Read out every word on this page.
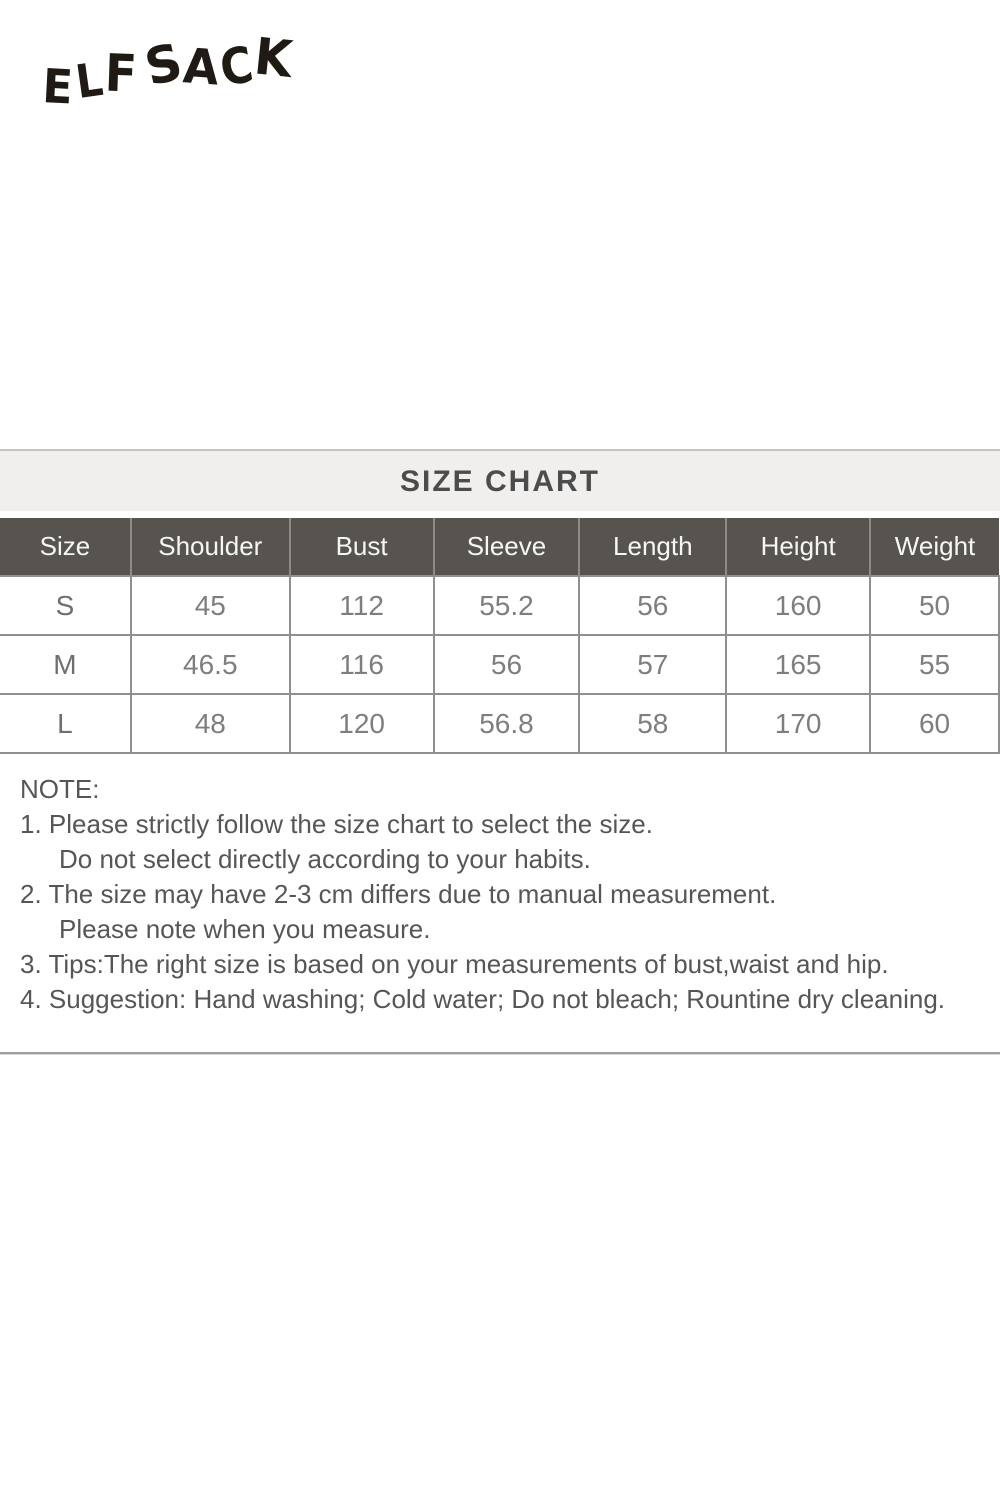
ELF SACK
SIZE CHART
Size	Shoulder	Bust	Sleeve	Length	Height	Weight
S	45	112	55.2	56	160	50
M	46.5	116	56	57	165	55
L	48	120	56.8	58	170	60
NOTE:
1. Please strictly follow the size chart to select the size.
Do not select directly according to your habits.
2. The size may have 2-3 cm differs due to manual measurement.
Please note when you measure.
3. Tips:The right size is based on your measurements of bust,waist and hip.
4. Suggestion: Hand washing; Cold water; Do not bleach; Rountine dry cleaning.
